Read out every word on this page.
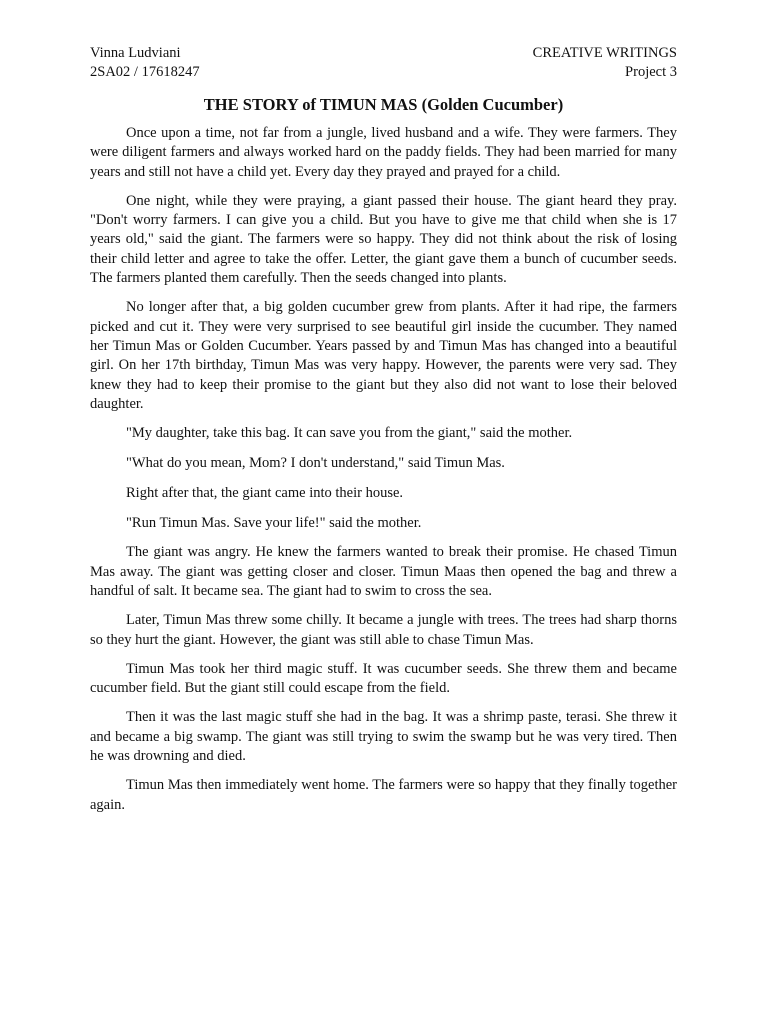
Vinna Ludviani
2SA02 / 17618247
CREATIVE WRITINGS
Project 3
THE STORY of TIMUN MAS (Golden Cucumber)

Once upon a time, not far from a jungle, lived husband and a wife. They were farmers. They were diligent farmers and always worked hard on the paddy fields. They had been married for many years and still not have a child yet. Every day they prayed and prayed for a child.

One night, while they were praying, a giant passed their house. The giant heard they pray. "Don't worry farmers. I can give you a child. But you have to give me that child when she is 17 years old," said the giant. The farmers were so happy. They did not think about the risk of losing their child letter and agree to take the offer. Letter, the giant gave them a bunch of cucumber seeds. The farmers planted them carefully. Then the seeds changed into plants.

No longer after that, a big golden cucumber grew from plants. After it had ripe, the farmers picked and cut it. They were very surprised to see beautiful girl inside the cucumber. They named her Timun Mas or Golden Cucumber. Years passed by and Timun Mas has changed into a beautiful girl. On her 17th birthday, Timun Mas was very happy. However, the parents were very sad. They knew they had to keep their promise to the giant but they also did not want to lose their beloved daughter.

"My daughter, take this bag. It can save you from the giant," said the mother.

"What do you mean, Mom? I don't understand," said Timun Mas.

Right after that, the giant came into their house.

"Run Timun Mas. Save your life!" said the mother.

The giant was angry. He knew the farmers wanted to break their promise. He chased Timun Mas away. The giant was getting closer and closer. Timun Maas then opened the bag and threw a handful of salt. It became sea. The giant had to swim to cross the sea.

Later, Timun Mas threw some chilly. It became a jungle with trees. The trees had sharp thorns so they hurt the giant. However, the giant was still able to chase Timun Mas.

Timun Mas took her third magic stuff. It was cucumber seeds. She threw them and became cucumber field. But the giant still could escape from the field.

Then it was the last magic stuff she had in the bag. It was a shrimp paste, terasi. She threw it and became a big swamp. The giant was still trying to swim the swamp but he was very tired. Then he was drowning and died.

Timun Mas then immediately went home. The farmers were so happy that they finally together again.
